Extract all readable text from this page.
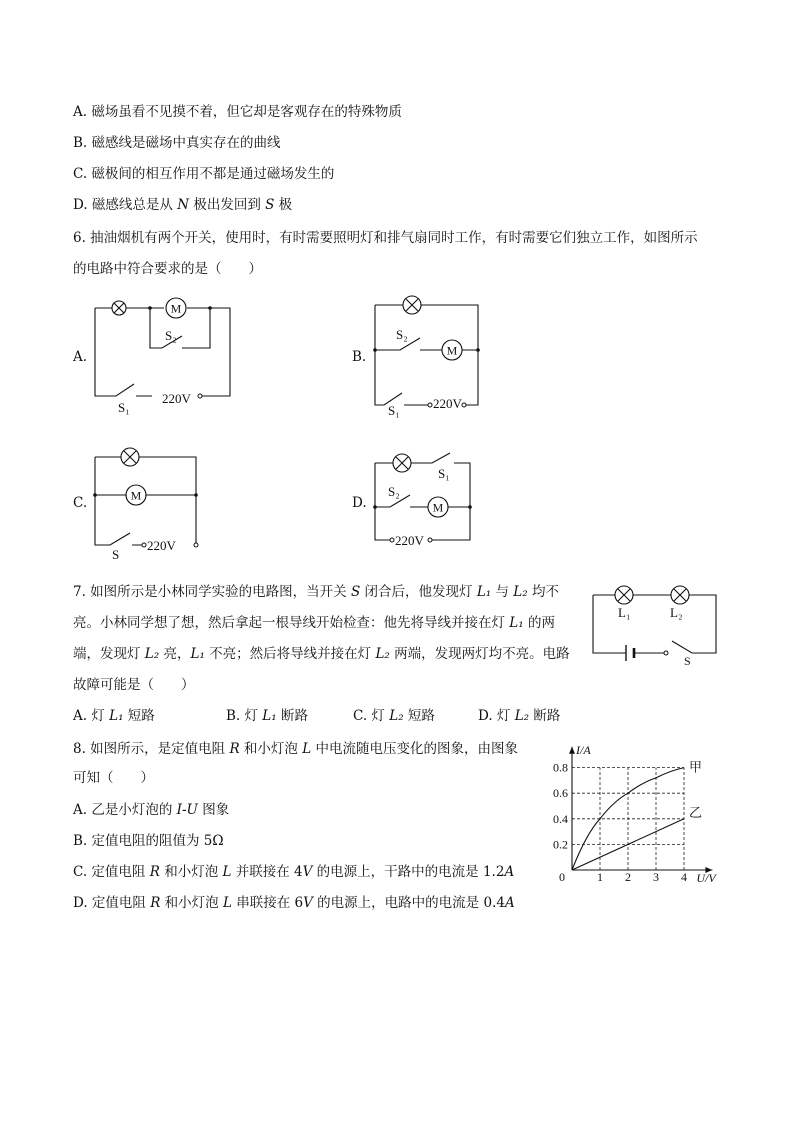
A. 磁场虽看不见摸不着，但它却是客观存在的特殊物质
B. 磁感线是磁场中真实存在的曲线
C. 磁极间的相互作用不都是通过磁场发生的
D. 磁感线总是从 N 极出发回到 S 极
6. 抽油烟机有两个开关，使用时，有时需要照明灯和排气扇同时工作，有时需要它们独立工作，如图所示
的电路中符合要求的是（　　）
A.
M
S₂
S₁
220V
B.	M
S₂
S₁	220V
C.	M
S
220V
D.	M
S₁
S₂
220V
7. 如图所示是小林同学实验的电路图，当开关 S 闭合后，他发现灯 L₁ 与 L₂ 均不
亮。小林同学想了想，然后拿起一根导线开始检查：他先将导线并接在灯 L₁ 的两
端，发现灯 L₂ 亮，L₁ 不亮；然后将导线并接在灯 L₂ 两端，发现两灯均不亮。电路
故障可能是（　　）
A. 灯 L₁ 短路	B. 灯 L₁ 断路	C. 灯 L₂ 短路	D. 灯 L₂ 断路
L₁	L₂
S
8. 如图所示，是定值电阻 R 和小灯泡 L 中电流随电压变化的图象，由图象
可知（　　）
A. 乙是小灯泡的 I-U 图象
B. 定值电阻的阻值为 5Ω
C. 定值电阻 R 和小灯泡 L 并联接在 4V 的电源上，干路中的电流是 1.2A
D. 定值电阻 R 和小灯泡 L 串联接在 6V 的电源上，电路中的电流是 0.4A
0	1 2 3 4
0.2
0.4
0.6
0.8
U/V
I/A
甲
乙
